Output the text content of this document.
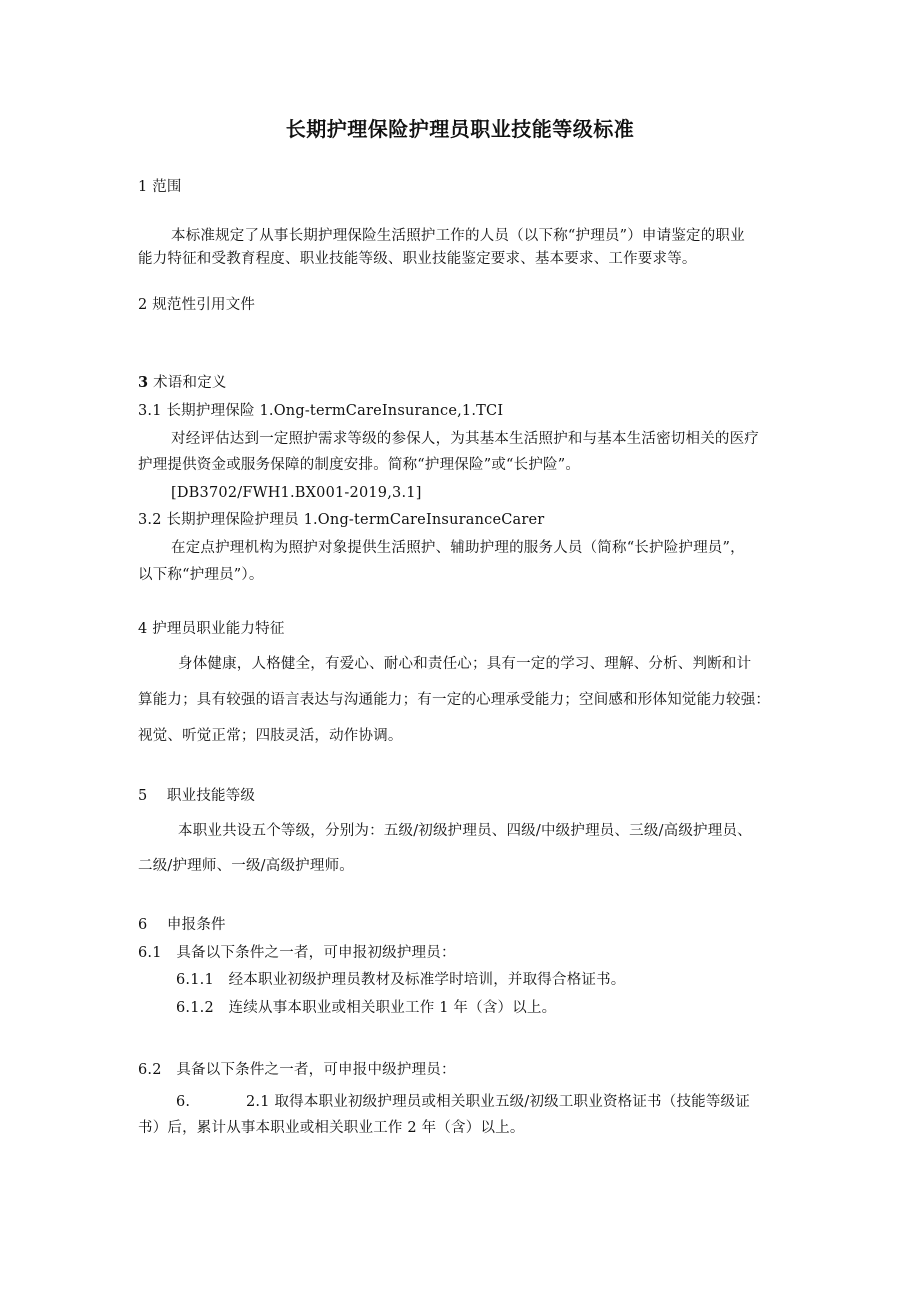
长期护理保险护理员职业技能等级标准
1 范围
本标准规定了从事长期护理保险生活照护工作的人员（以下称“护理员”）申请鉴定的职业
能力特征和受教育程度、职业技能等级、职业技能鉴定要求、基本要求、工作要求等。
2 规范性引用文件
3 术语和定义
3.1 长期护理保险 1.Ong-termCareInsurance,1.TCI
对经评估达到一定照护需求等级的参保人，为其基本生活照护和与基本生活密切相关的医疗
护理提供资金或服务保障的制度安排。简称“护理保险”或“长护险”。
[DB3702/FWH1.BX001-2019,3.1]
3.2 长期护理保险护理员 1.Ong-termCareInsuranceCarer
在定点护理机构为照护对象提供生活照护、辅助护理的服务人员（简称“长护险护理员”，
以下称“护理员”）。
4 护理员职业能力特征
身体健康，人格健全，有爱心、耐心和责任心；具有一定的学习、理解、分析、判断和计
算能力；具有较强的语言表达与沟通能力；有一定的心理承受能力；空间感和形体知觉能力较强：
视觉、听觉正常；四肢灵活，动作协调。
5　 职业技能等级
本职业共设五个等级，分别为：五级/初级护理员、四级/中级护理员、三级/高级护理员、
二级/护理师、一级/高级护理师。
6　 申报条件
6.1　具备以下条件之一者，可申报初级护理员：
6.1.1　经本职业初级护理员教材及标准学时培训，并取得合格证书。
6.1.2　连续从事本职业或相关职业工作 1 年（含）以上。
6.2　具备以下条件之一者，可申报中级护理员：
6.	2.1 取得本职业初级护理员或相关职业五级/初级工职业资格证书（技能等级证
书）后，累计从事本职业或相关职业工作 2 年（含）以上。
